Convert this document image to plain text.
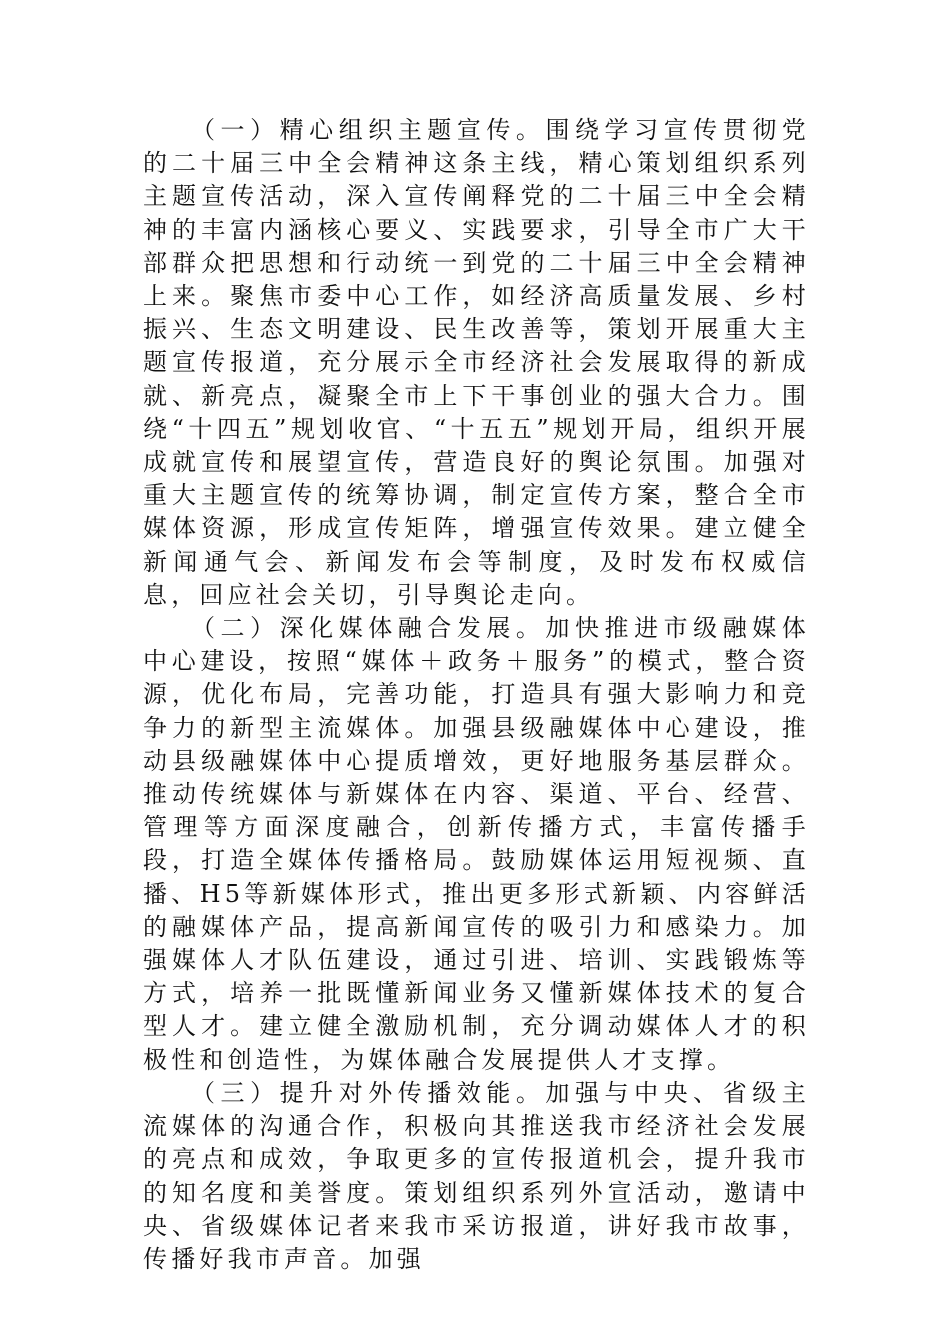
（一）精心组织主题宣传。围绕学习宣传贯彻党的二十届三中全会精神这条主线，精心策划组织系列主题宣传活动，深入宣传阐释党的二十届三中全会精神的丰富内涵核心要义、实践要求，引导全市广大干部群众把思想和行动统一到党的二十届三中全会精神上来。聚焦市委中心工作，如经济高质量发展、乡村振兴、生态文明建设、民生改善等，策划开展重大主题宣传报道，充分展示全市经济社会发展取得的新成就、新亮点，凝聚全市上下干事创业的强大合力。围绕“十四五”规划收官、“十五五”规划开局，组织开展成就宣传和展望宣传，营造良好的舆论氛围。加强对重大主题宣传的统筹协调，制定宣传方案，整合全市媒体资源，形成宣传矩阵，增强宣传效果。建立健全新闻通气会、新闻发布会等制度，及时发布权威信息，回应社会关切，引导舆论走向。

（二）深化媒体融合发展。加快推进市级融媒体中心建设，按照“媒体＋政务＋服务”的模式，整合资源，优化布局，完善功能，打造具有强大影响力和竞争力的新型主流媒体。加强县级融媒体中心建设，推动县级融媒体中心提质增效，更好地服务基层群众。推动传统媒体与新媒体在内容、渠道、平台、经营、管理等方面深度融合，创新传播方式，丰富传播手段，打造全媒体传播格局。鼓励媒体运用短视频、直播、H5等新媒体形式，推出更多形式新颖、内容鲜活的融媒体产品，提高新闻宣传的吸引力和感染力。加强媒体人才队伍建设，通过引进、培训、实践锻炼等方式，培养一批既懂新闻业务又懂新媒体技术的复合型人才。建立健全激励机制，充分调动媒体人才的积极性和创造性，为媒体融合发展提供人才支撑。

（三）提升对外传播效能。加强与中央、省级主流媒体的沟通合作，积极向其推送我市经济社会发展的亮点和成效，争取更多的宣传报道机会，提升我市的知名度和美誉度。策划组织系列外宣活动，邀请中央、省级媒体记者来我市采访报道，讲好我市故事，传播好我市声音。加强
